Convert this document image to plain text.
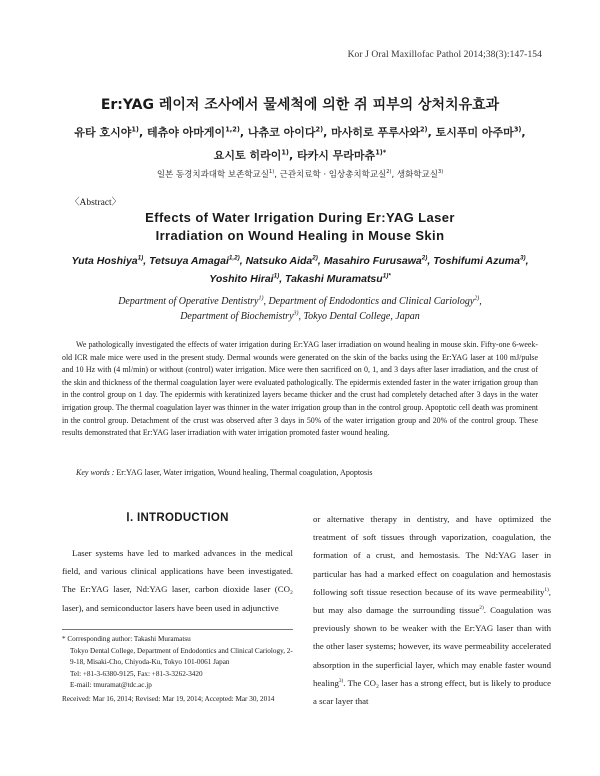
Kor J Oral Maxillofac Pathol 2014;38(3):147-154
Er:YAG 레이저 조사에서 물세척에 의한 쥐 피부의 상처치유효과
유타 호시야$^{1)}$, 테츄야 아마게이$^{1,2)}$, 나츄코 아이다$^{2)}$, 마사히로 푸루사와$^{2)}$, 토시푸미 아주마$^{3)}$,
요시토 히라이$^{1)}$, 타카시 무라마츄$^{1)*}$
일본 동경치과대학 보존학교실$^{1)}$, 근관치료학 · 임상총치학교실$^{2)}$, 생화학교실$^{3)}$
〈Abstract〉
Effects of Water Irrigation During Er:YAG Laser
Irradiation on Wound Healing in Mouse Skin
Yuta Hoshiya$^{1)}$, Tetsuya Amagai$^{1,2)}$, Natsuko Aida$^{2)}$, Masahiro Furusawa$^{2)}$, Toshifumi Azuma$^{3)}$,
Yoshito Hirai$^{1)}$, Takashi Muramatsu$^{1)*}$
Department of Operative Dentistry$^{1)}$, Department of Endodontics and Clinical Cariology$^{2)}$,
Department of Biochemistry$^{3)}$, Tokyo Dental College, Japan

We pathologically investigated the effects of water irrigation during Er:YAG laser irradiation on wound healing in mouse skin. Fifty-one 6-week-old ICR male mice were used in the present study. Dermal wounds were generated on the skin of the backs using the Er:YAG laser at 100 mJ/pulse and 10 Hz with (4 ml/min) or without (control) water irrigation. Mice were then sacrificed on 0, 1, and 3 days after laser irradiation, and the crust of the skin and thickness of the thermal coagulation layer were evaluated pathologically. The epidermis extended faster in the water irrigation group than in the control group on 1 day. The epidermis with keratinized layers became thicker and the crust had completely detached after 3 days in the water irrigation group. The thermal coagulation layer was thinner in the water irrigation group than in the control group. Apoptotic cell death was prominent in the control group. Detachment of the crust was observed after 3 days in 50% of the water irrigation group and 20% of the control group. These results demonstrated that Er:YAG laser irradiation with water irrigation promoted faster wound healing.

Key words : Er:YAG laser, Water irrigation, Wound healing, Thermal coagulation, Apoptosis
Ⅰ. INTRODUCTION

Laser systems have led to marked advances in the medical field, and various clinical applications have been investigated. The Er:YAG laser, Nd:YAG laser, carbon dioxide laser (CO₂ laser), and semiconductor lasers have been used in adjunctive

or alternative therapy in dentistry, and have optimized the treatment of soft tissues through vaporization, coagulation, the formation of a crust, and hemostasis. The Nd:YAG laser in particular has had a marked effect on coagulation and hemostasis following soft tissue resection because of its wave permeability$^{1)}$, but may also damage the surrounding tissue$^{2)}$. Coagulation was previously shown to be weaker with the Er:YAG laser than with the other laser systems; however, its wave permeability accelerated absorption in the superficial layer, which may enable faster wound healing$^{3)}$. The CO₂ laser has a strong effect, but is likely to produce a scar layer that

* Corresponding author: Takashi Muramatsu
Tokyo Dental College, Department of Endodontics and Clinical Cariology, 2-9-18, Misaki-Cho, Chiyoda-Ku, Tokyo 101-0061 Japan
Tel: +81-3-6380-9125, Fax: +81-3-3262-3420
E-mail: tmuramat@tdc.ac.jp
Received: Mar 16, 2014; Revised: Mar 19, 2014; Accepted: Mar 30, 2014
